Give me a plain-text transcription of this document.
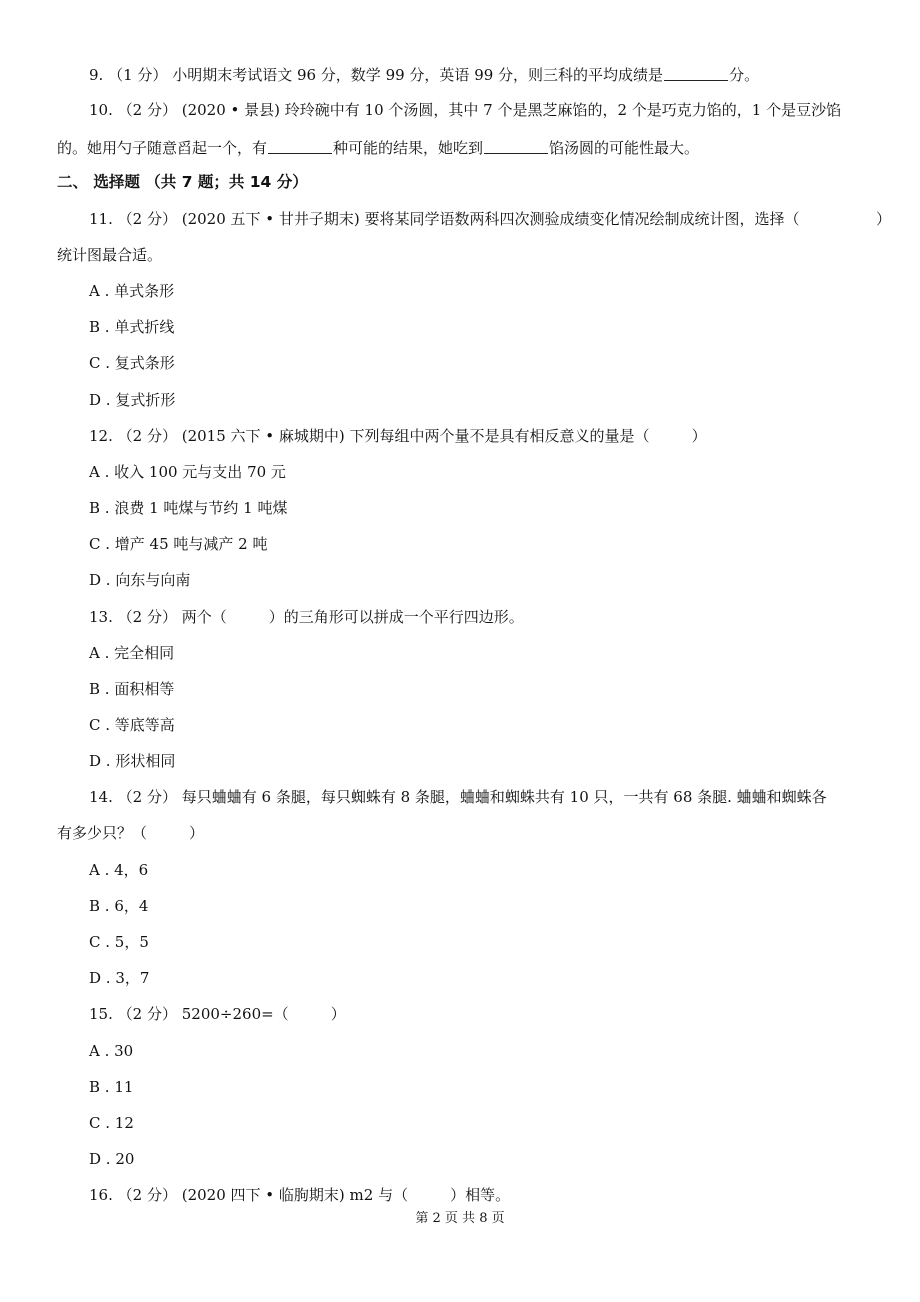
9. （1 分） 小明期末考试语文 96 分，数学 99 分，英语 99 分，则三科的平均成绩是	分。
10. （2 分） (2020 • 景县) 玲玲碗中有 10 个汤圆，其中 7 个是黑芝麻馅的，2 个是巧克力馅的，1 个是豆沙馅
的。她用勺子随意舀起一个，有	种可能的结果，她吃到	馅汤圆的可能性最大。
二、 选择题 （共 7 题；共 14 分）
11. （2 分） (2020 五下 • 甘井子期末) 要将某同学语数两科四次测验成绩变化情况绘制成统计图，选择（	）
统计图最合适。
A . 单式条形
B . 单式折线
C . 复式条形
D . 复式折形
12. （2 分） (2015 六下 • 麻城期中) 下列每组中两个量不是具有相反意义的量是（	）
A . 收入 100 元与支出 70 元
B . 浪费 1 吨煤与节约 1 吨煤
C . 增产 45 吨与减产 2 吨
D . 向东与向南
13. （2 分） 两个（	）的三角形可以拼成一个平行四边形。
A . 完全相同
B . 面积相等
C . 等底等高
D . 形状相同
14. （2 分） 每只蛐蛐有 6 条腿，每只蜘蛛有 8 条腿，蛐蛐和蜘蛛共有 10 只，一共有 68 条腿. 蛐蛐和蜘蛛各
有多少只？（	）
A . 4，6
B . 6，4
C . 5，5
D . 3，7
15. （2 分） 5200÷260=（	）
A . 30
B . 11
C . 12
D . 20
16. （2 分） (2020 四下 • 临朐期末) m2 与（	）相等。
第 2 页 共 8 页
